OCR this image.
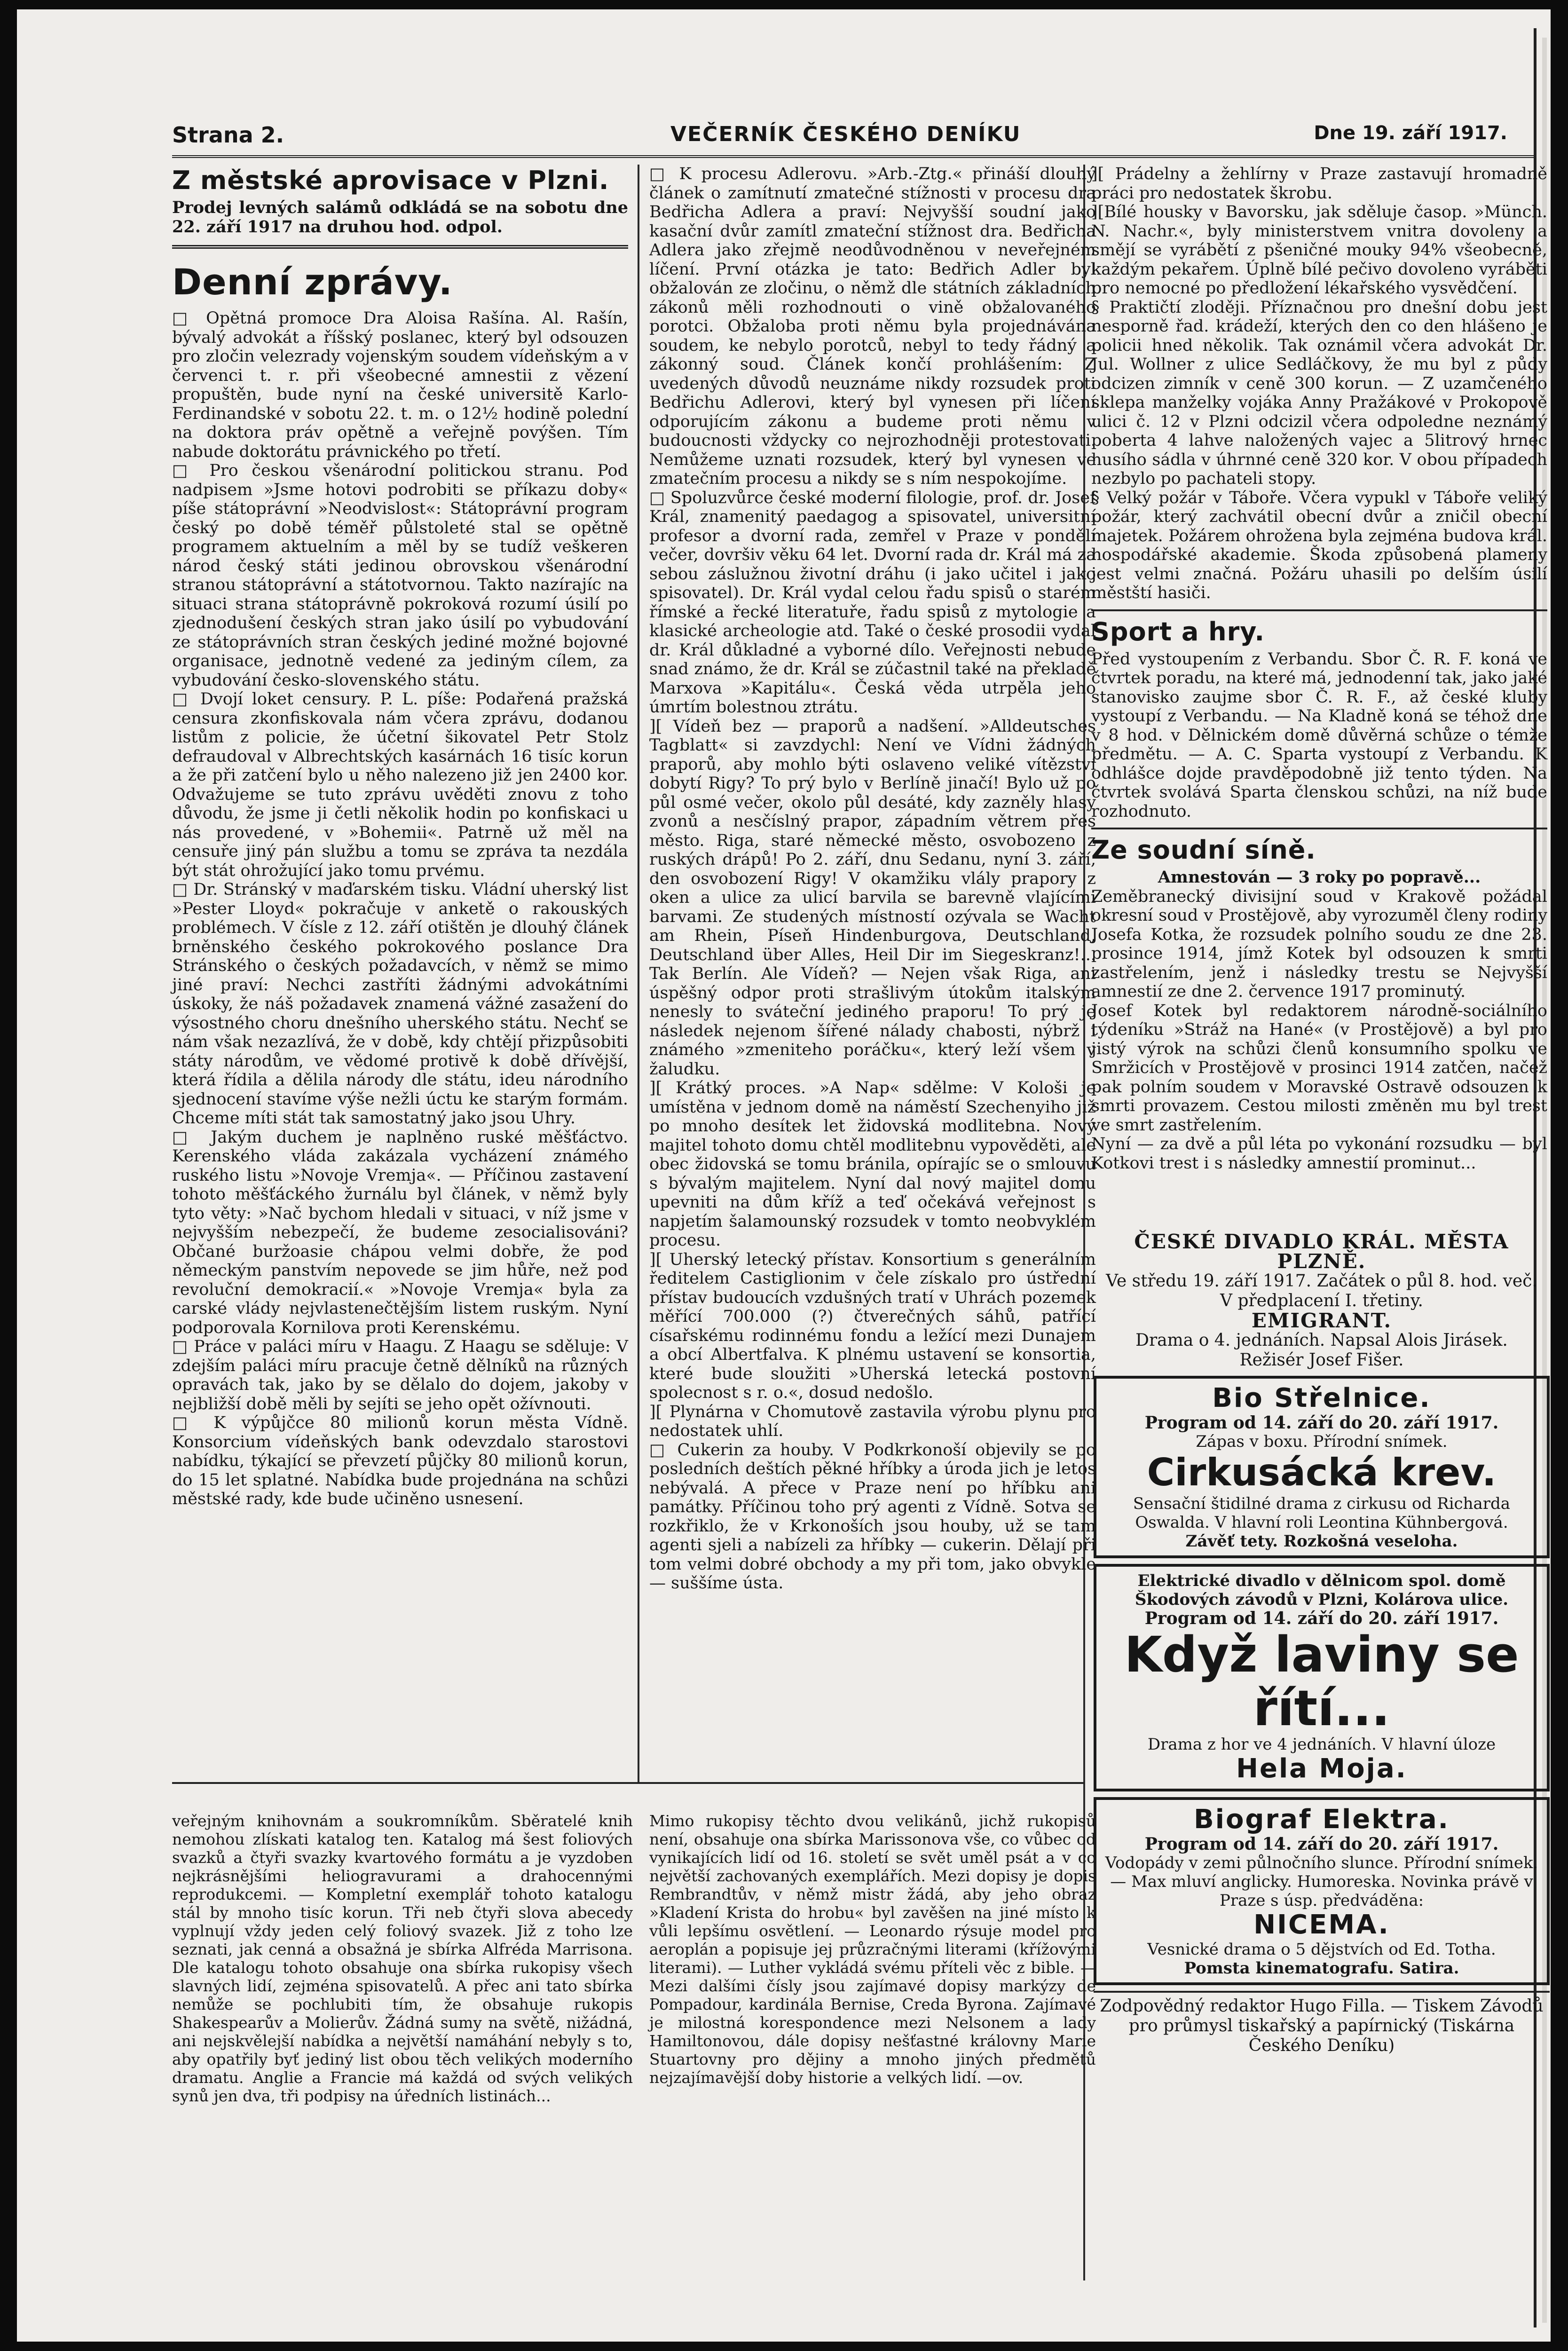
Strana 2.	VEČERNÍK ČESKÉHO DENÍKU	Dne 19. září 1917.
Z městské aprovisace v Plzni.

Prodej levných salámů odkládá se na sobotu dne 22. září 1917 na druhou hod. odpol.

Denní zprávy.

□ Opětná promoce Dra Aloisa Rašína. Al. Rašín, bývalý advokát a říšský poslanec, který byl odsouzen pro zločin velezrady vojenským soudem vídeňským a v červenci t. r. při všeobecné amnestii z vězení propuštěn, bude nyní na české universitě Karlo-Ferdinandské v sobotu 22. t. m. o 12½ hodině polední na doktora práv opětně a veřejně povýšen. Tím nabude doktorátu právnického po třetí.

□ Pro českou všenárodní politickou stranu. Pod nadpisem »Jsme hotovi podrobiti se příkazu doby« píše státoprávní »Neodvislost«: Státoprávní program český po době téměř půlstoleté stal se opětně programem aktuelním a měl by se tudíž veškeren národ český státi jedinou obrovskou všenárodní stranou státoprávní a státotvornou. Takto nazírajíc na situaci strana státoprávně pokroková rozumí úsilí po zjednodušení českých stran jako úsilí po vybudování ze státoprávních stran českých jediné možné bojovné organisace, jednotně vedené za jediným cílem, za vybudování česko-slovenského státu.

□ Dvojí loket censury. P. L. píše: Podařená pražská censura zkonfiskovala nám včera zprávu, dodanou listům z policie, že účetní šikovatel Petr Stolz defraudoval v Albrechtských kasárnách 16 tisíc korun a že při zatčení bylo u něho nalezeno již jen 2400 kor. Odvažujeme se tuto zprávu uvěděti znovu z toho důvodu, že jsme ji četli několik hodin po konfiskaci u nás provedené, v »Bohemii«. Patrně už měl na censuře jiný pán službu a tomu se zpráva ta nezdála být stát ohrožující jako tomu prvému.

□ Dr. Stránský v maďarském tisku. Vládní uherský list »Pester Lloyd« pokračuje v anketě o rakouských problémech. V čísle z 12. září otištěn je dlouhý článek brněnského českého pokrokového poslance Dra Stránského o českých požadavcích, v němž se mimo jiné praví: Nechci zastříti žádnými advokátními úskoky, že náš požadavek znamená vážné zasažení do výsostného choru dnešního uherského státu. Nechť se nám však nezazlívá, že v době, kdy chtějí přizpůsobiti státy národům, ve vědomé protivě k době dřívější, která řídila a dělila národy dle státu, ideu národního sjednocení stavíme výše nežli úctu ke starým formám. Chceme míti stát tak samostatný jako jsou Uhry.

□ Jakým duchem je naplněno ruské měšťáctvo. Kerenského vláda zakázala vycházení známého ruského listu »Novoje Vremja«. — Příčinou zastavení tohoto měšťáckého žurnálu byl článek, v němž byly tyto věty: »Nač bychom hledali v situaci, v níž jsme v nejvyšším nebezpečí, že budeme zesocialisováni? Občané buržoasie chápou velmi dobře, že pod německým panstvím nepovede se jim hůře, než pod revoluční demokracií.« »Novoje Vremja« byla za carské vlády nejvlastenečtějším listem ruským. Nyní podporovala Kornilova proti Kerenskému.

□ Práce v paláci míru v Haagu. Z Haagu se sděluje: V zdejším paláci míru pracuje četně dělníků na různých opravách tak, jako by se dělalo do dojem, jakoby v nejbližší době měli by sejíti se jeho opět ožívnouti.

□ K výpůjčce 80 milionů korun města Vídně. Konsorcium vídeňských bank odevzdalo starostovi nabídku, týkající se převzetí půjčky 80 milionů korun, do 15 let splatné. Nabídka bude projednána na schůzi městské rady, kde bude učiněno usnesení.

□ K procesu Adlerovu. »Arb.-Ztg.« přináší dlouhý článek o zamítnutí zmatečné stížnosti v procesu dra Bedřicha Adlera a praví: Nejvyšší soudní jako kasační dvůr zamítl zmateční stížnost dra. Bedřicha Adlera jako zřejmě neodůvodněnou v neveřejném líčení. První otázka je tato: Bedřich Adler byl obžalován ze zločinu, o němž dle státních základních zákonů měli rozhodnouti o vině obžalovaného porotci. Obžaloba proti němu byla projednávána soudem, ke nebylo porotců, nebyl to tedy řádný a zákonný soud. Článek končí prohlášením: Z uvedených důvodů neuznáme nikdy rozsudek proti Bedřichu Adlerovi, který byl vynesen při líčení odporujícím zákonu a budeme proti němu v budoucnosti vždycky co nejrozhodněji protestovati. Nemůžeme uznati rozsudek, který byl vynesen ve zmatečním procesu a nikdy se s ním nespokojíme.

□ Spoluzvůrce české moderní filologie, prof. dr. Josef Král, znamenitý paedagog a spisovatel, universitní profesor a dvorní rada, zemřel v Praze v pondělí večer, dovršiv věku 64 let. Dvorní rada dr. Král má za sebou záslužnou životní dráhu (i jako učitel i jako spisovatel). Dr. Král vydal celou řadu spisů o starém římské a řecké literatuře, řadu spisů z mytologie a klasické archeologie atd. Také o české prosodii vydal dr. Král důkladné a vyborné dílo. Veřejnosti nebude snad známo, že dr. Král se zúčastnil také na překladě Marxova »Kapitálu«. Česká věda utrpěla jeho úmrtím bolestnou ztrátu.

][ Vídeň bez — praporů a nadšení. »Alldeutsches Tagblatt« si zavzdychl: Není ve Vídni žádných praporů, aby mohlo býti oslaveno veliké vítězství dobytí Rigy? To prý bylo v Berlíně jinačí! Bylo už po půl osmé večer, okolo půl desáté, kdy zazněly hlasy zvonů a nesčíslný prapor, západním větrem přes město. Riga, staré německé město, osvobozeno z ruských drápů! Po 2. září, dnu Sedanu, nyní 3. září, den osvobození Rigy! V okamžiku vlály prapory z oken a ulice za ulicí barvila se barevně vlajícími barvami. Ze studených místností ozývala se Wacht am Rhein, Píseň Hindenburgova, Deutschland, Deutschland über Alles, Heil Dir im Siegeskranz!... Tak Berlín. Ale Vídeň? — Nejen však Riga, ani úspěšný odpor proti strašlivým útokům italským nenesly to sváteční jediného praporu! To prý je následek nejenom šířené nálady chabosti, nýbrž i známého »zmeniteho poráčku«, který leží všem v žaludku.

][ Krátký proces. »A Nap« sdělme: V Kološi je umístěna v jednom domě na náměstí Szechenyiho již po mnoho desítek let židovská modlitebna. Nový majitel tohoto domu chtěl modlitebnu vypověděti, ale obec židovská se tomu bránila, opírajíc se o smlouvu s bývalým majitelem. Nyní dal nový majitel domu upevniti na dům kříž a teď očekává veřejnost s napjetím šalamounský rozsudek v tomto neobvyklém procesu.

][ Uherský letecký přístav. Konsortium s generálním ředitelem Castiglionim v čele získalo pro ústřední přístav budoucích vzdušných tratí v Uhrách pozemek měřící 700.000 (?) čtverečných sáhů, patřící císařskému rodinnému fondu a ležící mezi Dunajem a obcí Albertfalva. K plnému ustavení se konsortia, které bude sloužiti »Uherská letecká postovní spolecnost s r. o.«, dosud nedošlo.

][ Plynárna v Chomutově zastavila výrobu plynu pro nedostatek uhlí.

□ Cukerin za houby. V Podkrkonoší objevily se po posledních deštích pěkné hříbky a úroda jich je letos nebývalá. A přece v Praze není po hříbku ani památky. Příčinou toho prý agenti z Vídně. Sotva se rozkřiklo, že v Krkonoších jsou houby, už se tam agenti sjeli a nabízeli za hříbky — cukerin. Dělají při tom velmi dobré obchody a my při tom, jako obvykle — suššíme ústa.

][ Prádelny a žehlírny v Praze zastavují hromadně práci pro nedostatek škrobu.

][Bílé housky v Bavorsku, jak sděluje časop. »Münch. N. Nachr.«, byly ministerstvem vnitra dovoleny a smějí se vyrábětí z pšeničné mouky 94% všeobecně, každým pekařem. Úplně bílé pečivo dovoleno vyráběti pro nemocné po předložení lékařského vysvědčení.

§ Praktičtí zloději. Příznačnou pro dnešní dobu jest nesporně řad. krádeží, kterých den co den hlášeno je policii hned několik. Tak oznámil včera advokát Dr. Jul. Wollner z ulice Sedláčkovy, že mu byl z půdy odcizen zimník v ceně 300 korun. — Z uzamčeného sklepa manželky vojáka Anny Pražákové v Prokopově ulici č. 12 v Plzni odcizil včera odpoledne neznámý poberta 4 lahve naložených vajec a 5litrový hrnec husího sádla v úhrnné ceně 320 kor. V obou případech nezbylo po pachateli stopy.

§ Velký požár v Táboře. Včera vypukl v Táboře veliký požár, který zachvátil obecní dvůr a zničil obecní majetek. Požárem ohrožena byla zejména budova král. hospodářské akademie. Škoda způsobená plameny jest velmi značná. Požáru uhasili po delším úsilí městští hasiči.

Sport a hry.

Před vystoupením z Verbandu. Sbor Č. R. F. koná ve čtvrtek poradu, na které má, jednodenní tak, jako jaké stanovisko zaujme sbor Č. R. F., až české kluby vystoupí z Verbandu. — Na Kladně koná se téhož dne v 8 hod. v Dělnickém domě důvěrná schůze o témže předmětu. — A. C. Sparta vystoupí z Verbandu. K odhlášce dojde pravděpodobně již tento týden. Na čtvrtek svolává Sparta členskou schůzi, na níž bude rozhodnuto.

Ze soudní síně.

Amnestován — 3 roky po popravě...

Zeměbranecký divisijní soud v Krakově požádal okresní soud v Prostějově, aby vyrozuměl členy rodiny Josefa Kotka, že rozsudek polního soudu ze dne 23. prosince 1914, jímž Kotek byl odsouzen k smrti zastřelením, jenž i následky trestu se Nejvyšší amnestií ze dne 2. července 1917 prominutý.

Josef Kotek byl redaktorem národně-sociálního týdeníku »Stráž na Hané« (v Prostějově) a byl pro jistý výrok na schůzi členů konsumního spolku ve Smržicích v Prostějově v prosinci 1914 zatčen, načež pak polním soudem v Moravské Ostravě odsouzen k smrti provazem. Cestou milosti změněn mu byl trest ve smrt zastřelením.

Nyní — za dvě a půl léta po vykonání rozsudku — byl Kotkovi trest i s následky amnestií prominut...

veřejným knihovnám a soukromníkům. Sběratelé knih nemohou zlískati katalog ten. Katalog má šest foliových svazků a čtyři svazky kvartového formátu a je vyzdoben nejkrásnějšími heliogravurami a drahocennými reprodukcemi. — Kompletní exemplář tohoto katalogu stál by mnoho tisíc korun. Tři neb čtyři slova abecedy vyplnují vždy jeden celý foliový svazek. Již z toho lze seznati, jak cenná a obsažná je sbírka Alfréda Marrisona. Dle katalogu tohoto obsahuje ona sbírka rukopisy všech slavných lidí, zejména spisovatelů. A přec ani tato sbírka nemůže se pochlubiti tím, že obsahuje rukopis Shakespearův a Molierův. Žádná sumy na světě, nižádná, ani nejskvělejší nabídka a největší namáhání nebyly s to, aby opatřily byť jediný list obou těch velikých moderního dramatu. Anglie a Francie má každá od svých velikých synů jen dva, tři podpisy na úředních listinách...

Mimo rukopisy těchto dvou velikánů, jichž rukopisů není, obsahuje ona sbírka Marissonova vše, co vůbec od vynikajících lidí od 16. století se svět uměl psát a v co největší zachovaných exemplářích. Mezi dopisy je dopis Rembrandtův, v němž mistr žádá, aby jeho obraz »Kladení Krista do hrobu« byl zavěšen na jiné místo k vůli lepšímu osvětlení. — Leonardo rýsuje model pro aeroplán a popisuje jej průzračnými literami (křížovými literami). — Luther vykládá svému příteli věc z bible. — Mezi dalšími čísly jsou zajímavé dopisy markýzy de Pompadour, kardinála Bernise, Creda Byrona. Zajímavé je milostná korespondence mezi Nelsonem a lady Hamiltonovou, dále dopisy nešťastné královny Marie Stuartovny pro dějiny a mnoho jiných předmětů nejzajímavější doby historie a velkých lidí. —ov.

ČESKÉ DIVADLO KRÁL. MĚSTA PLZNĚ.
Ve středu 19. září 1917. Začátek o půl 8. hod. več.
V předplacení I. třetiny.
EMIGRANT.
Drama o 4. jednáních. Napsal Alois Jirásek.
Režisér Josef Fišer.
Bio Střelnice.
Program od 14. září do 20. září 1917.
Zápas v boxu. Přírodní snímek.
Cirkusácká krev.
Sensační štidilné drama z cirkusu od Richarda Oswalda. V hlavní roli Leontina Kühnbergová.
Závěť tety. Rozkošná veseloha.
Elektrické divadlo v dělnicom spol. domě Škodových závodů v Plzni, Kolárova ulice.
Program od 14. září do 20. září 1917.
Když laviny se řítí...
Drama z hor ve 4 jednáních. V hlavní úloze
Hela Moja.
Biograf Elektra.
Program od 14. září do 20. září 1917.
Vodopády v zemi půlnočního slunce. Přírodní snímek. — Max mluví anglicky. Humoreska. Novinka právě v Praze s úsp. předváděna:
NICEMA.
Vesnické drama o 5 dějstvích od Ed. Totha.
Pomsta kinematografu. Satira.
Zodpovědný redaktor Hugo Filla. — Tiskem Závodů pro průmysl tiskařský a papírnický (Tiskárna Českého Deníku)
